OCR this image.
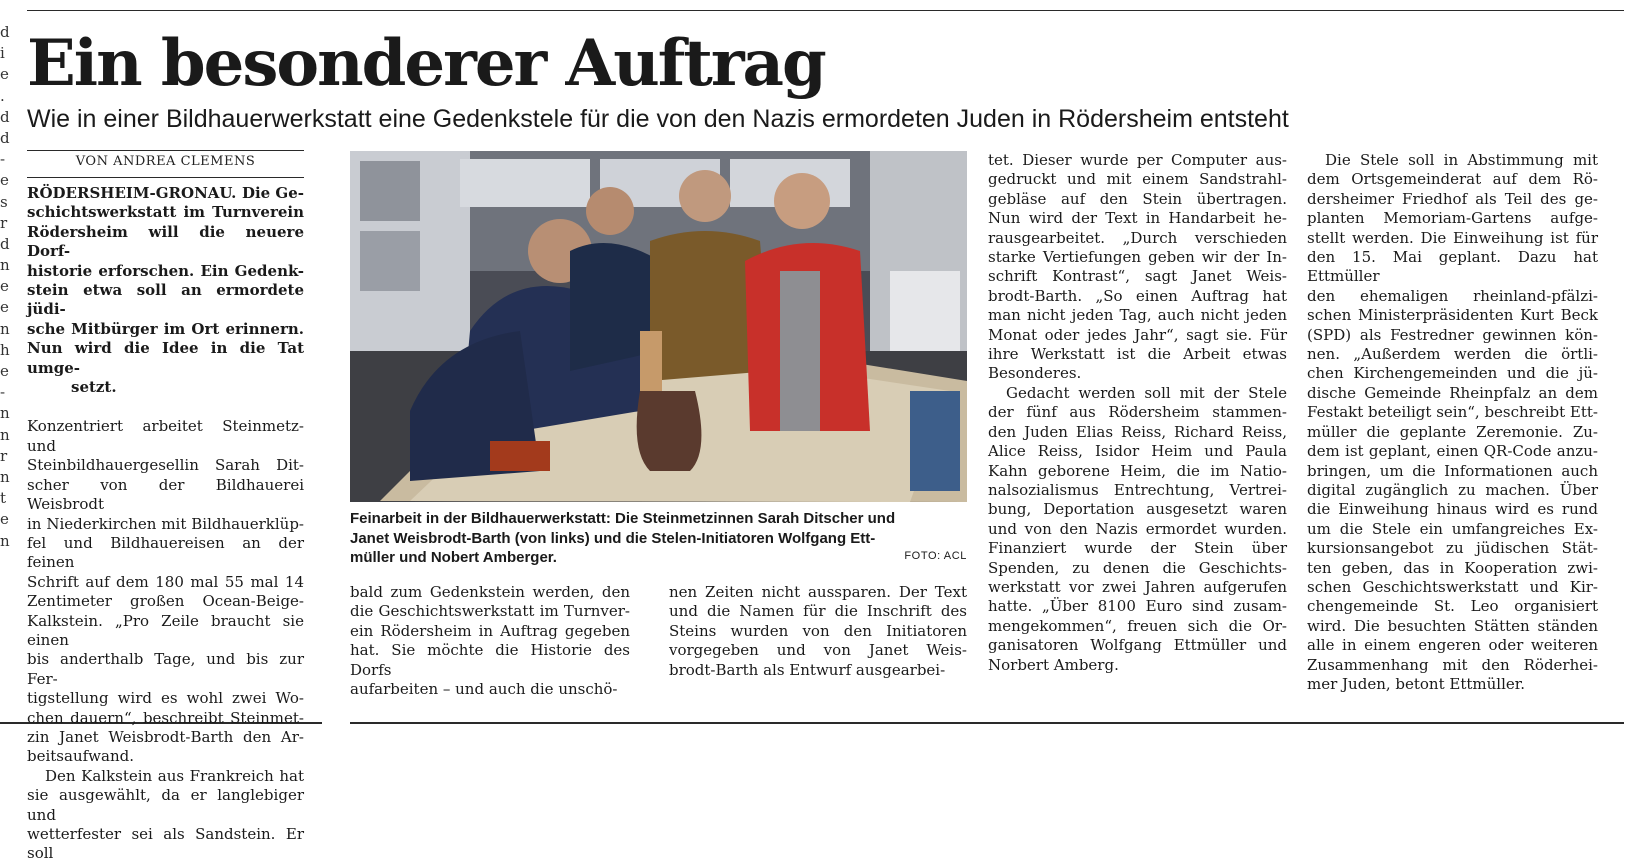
d
i
e
.
d
d
-
e
s
r
d
n
e
e
n
h
e
-
n
n
r
n
t
e
n
Ein besonderer Auftrag
Wie in einer Bildhauerwerkstatt eine Gedenkstele für die von den Nazis ermordeten Juden in Rödersheim entsteht
VON ANDREA CLEMENS
RÖDERSHEIM-GRONAU. Die Ge-

schichtswerkstatt im Turnverein

Rödersheim will die neuere Dorf-

historie erforschen. Ein Gedenk-

stein etwa soll an ermordete jüdi-

sche Mitbürger im Ort erinnern.

Nun wird die Idee in die Tat umge-

setzt.

Konzentriert arbeitet Steinmetz- und

Steinbildhauergesellin Sarah Dit-

scher von der Bildhauerei Weisbrodt

in Niederkirchen mit Bildhauerklüp-

fel und Bildhauereisen an der feinen

Schrift auf dem 180 mal 55 mal 14

Zentimeter großen Ocean-Beige-

Kalkstein. „Pro Zeile braucht sie einen

bis anderthalb Tage, und bis zur Fer-

tigstellung wird es wohl zwei Wo-

chen dauern“, beschreibt Steinmet-

zin Janet Weisbrodt-Barth den Ar-

beitsaufwand.

Den Kalkstein aus Frankreich hat

sie ausgewählt, da er langlebiger und

wetterfester sei als Sandstein. Er soll

Feinarbeit in der Bildhauerwerkstatt: Die Steinmetzinnen Sarah Ditscher und
Janet Weisbrodt-Barth (von links) und die Stelen-Initiatoren Wolfgang Ett-
müller und Nobert Amberger.	FOTO: ACL

bald zum Gedenkstein werden, den

die Geschichtswerkstatt im Turnver-

ein Rödersheim in Auftrag gegeben

hat. Sie möchte die Historie des Dorfs

aufarbeiten – und auch die unschö-

nen Zeiten nicht aussparen. Der Text

und die Namen für die Inschrift des

Steins wurden von den Initiatoren

vorgegeben und von Janet Weis-

brodt-Barth als Entwurf ausgearbei-

tet. Dieser wurde per Computer aus-

gedruckt und mit einem Sandstrahl-

gebläse auf den Stein übertragen.

Nun wird der Text in Handarbeit he-

rausgearbeitet. „Durch verschieden

starke Vertiefungen geben wir der In-

schrift Kontrast“, sagt Janet Weis-

brodt-Barth. „So einen Auftrag hat

man nicht jeden Tag, auch nicht jeden

Monat oder jedes Jahr“, sagt sie. Für

ihre Werkstatt ist die Arbeit etwas

Besonderes.

Gedacht werden soll mit der Stele

der fünf aus Rödersheim stammen-

den Juden Elias Reiss, Richard Reiss,

Alice Reiss, Isidor Heim und Paula

Kahn geborene Heim, die im Natio-

nalsozialismus Entrechtung, Vertrei-

bung, Deportation ausgesetzt waren

und von den Nazis ermordet wurden.

Finanziert wurde der Stein über

Spenden, zu denen die Geschichts-

werkstatt vor zwei Jahren aufgerufen

hatte. „Über 8100 Euro sind zusam-

mengekommen“, freuen sich die Or-

ganisatoren Wolfgang Ettmüller und

Norbert Amberg.

Die Stele soll in Abstimmung mit

dem Ortsgemeinderat auf dem Rö-

dersheimer Friedhof als Teil des ge-

planten Memoriam-Gartens aufge-

stellt werden. Die Einweihung ist für

den 15. Mai geplant. Dazu hat Ettmüller

den ehemaligen rheinland-pfälzi-

schen Ministerpräsidenten Kurt Beck

(SPD) als Festredner gewinnen kön-

nen. „Außerdem werden die örtli-

chen Kirchengemeinden und die jü-

dische Gemeinde Rheinpfalz an dem

Festakt beteiligt sein“, beschreibt Ett-

müller die geplante Zeremonie. Zu-

dem ist geplant, einen QR-Code anzu-

bringen, um die Informationen auch

digital zugänglich zu machen. Über

die Einweihung hinaus wird es rund

um die Stele ein umfangreiches Ex-

kursionsangebot zu jüdischen Stät-

ten geben, das in Kooperation zwi-

schen Geschichtswerkstatt und Kir-

chengemeinde St. Leo organisiert

wird. Die besuchten Stätten ständen

alle in einem engeren oder weiteren

Zusammenhang mit den Röderhei-

mer Juden, betont Ettmüller.
